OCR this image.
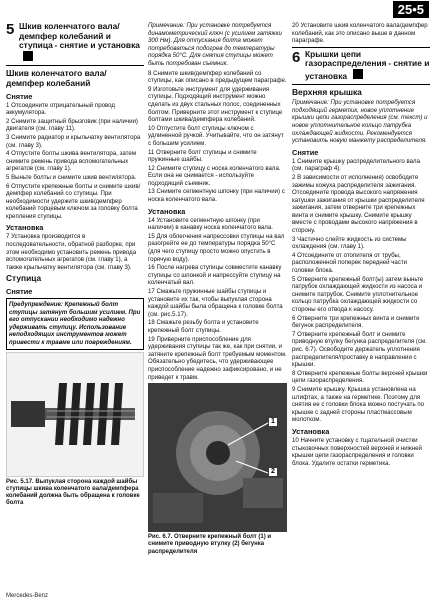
25•5
5 Шкив коленчатого вала/ демпфер колебаний и ступица - снятие и установка
Шкив коленчатого вала/ демпфер колебаний
Снятие

1 Отсоедините отрицательный провод аккумулятора.

2 Снимите защитный брызговик (при наличии) двигателя (см. главу 11).

3 Снимите радиатор и крыльчатку вентилятора (см. главу 3).

4 Отпустите болты шкива вентилятора, затем снимите ремень привода вспомогательных агрегатов (см. главу 1).

5 Выньте болты и снимите шкив вентилятора.

6 Отпустите крепежные болты и снимите шкив/демпфер колебаний со ступицы. При необходимости удержите шкив/демпфер колебаний торцевым ключом за головку болта крепления ступицы.

Установка

7 Установка производится в последовательности, обратной разборке, при этом необходимо установить ремень привода вспомогательных агрегатов (см. главу 1), а также крыльчатку вентилятора (см. главу 3).

Ступица
Снятие
Предупреждение: Крепежный болт ступицы затянут большим усилием. При его отпускании необходимо надежно удерживать ступицу. Использование неподходящих инструментов может привести к травме или повреждениям.
Рис. 5.17. Выпуклая сторона каждой шайбы ступицы шкива коленчатого вала/демпфера колебаний должна быть обращена к головке болта

Примечание: При установке потребуется динамометрический ключ (с усилием затяжки 300 Нм). Для отпускания болта может потребоваться подогрев до температуры порядка 50°C. Для снятия ступицы может быть потребован съемник.

8 Снимите шкив/демпфер колебаний со ступицы, как описано в предыдущем параграфе.

9 Изготовьте инструмент для удерживания ступицы. Подходящий инструмент можно сделать из двух стальных полос, соединенных болтом. Приверните этот инструмент к ступице болтами шкива/демпфера колебаний.

10 Отпустите болт ступицы ключом с удлиненной ручкой. Учитывайте, что он затянут с большим усилием.

11 Отверните болт ступицы и снимите пружинные шайбы.

12 Снимите ступицу с носка коленчатого вала. Если она не снимается - используйте подходящий съемник.

13 Снимите сегментную шпонку (при наличии) с носка коленчатого вала.

Установка

14 Установите сегментную шпонку (при наличии) в канавку носка коленчатого вала.

15 Для облегчения напрессовки ступицы на вал разогрейте ее до температуры порядка 50°C (для чего ступицу просто можно опустить в горячую воду).

16 После нагрева ступицы совместите канавку ступицы со шпонкой и напрессуйте ступицу на коленчатый вал.

17 Смажьте пружинные шайбы ступицы и установите их так, чтобы выпуклая сторона каждой шайбы была обращена к головке болта (см. рис.5.17).

18 Смажьте резьбу болта и установите крепежный болт ступицы.

19 Приверните приспособление для удерживания ступицы так же, как при снятии, и затяните крепежный болт требуемым моментом. Обязательно убедитесь, что удерживающее приспособление надежно зафиксировано, и не приведет к травм.

1
2
Рис. 6.7. Отверните крепежный болт (1) и снимите приводную втулку (2) бегунка распределителя

20 Установите шкив коленчатого вала/демпфер колебаний, как это описано выше в данном параграфе.

6 Крышки цепи газораспределения - снятие и установка
Верхняя крышка

Примечание: При установке потребуется подходящий герметик, новое уплотнение крышки цепи газораспределения (см. текст) и новое уплотнительное кольцо патрубка охлаждающей жидкости. Рекомендуется установить новую манжету распределителя.

Снятие

1 Снимите крышку распределительного вала (см. параграф 4).

2 В зависимости от исполнения) освободите зажимы кожуха распределителя зажигания. Отсоедините провода высокого напряжения катушки зажигания от крышки распределителя зажигания, затем отверните три крепежных винта и снимите крышку. Снимите крышку вместе с проводами высокого напряжения в сторону.

3 Частично слейте жидкость из системы охлаждения (см. главу 1).

4 Отсоедините от отопителя от трубы, расположенной поперек передней части головки блока.

5 Отверните крепежный болт(ы) затем выньте патрубок охлаждающей жидкости из насоса и снимите патрубок. Снимите уплотнительное кольцо патрубка охлаждающей жидкости со стороны его отвода к насосу.

6 Отверните три крепежных винта и снимите бегунок распределителя.

7 Отверните крепежный болт и снимите приводную втулку бегунка распределителя (см. рис. 6.7). Освободите держатель уплотнения распределителя/проставку в направлении с крышки.

8 Отверните крепежные болты верхней крышки цепи газораспределения.

9 Снимите крышку. Крышка установлена на штифтах, а также на герметике. Поэтому для снятия ее с головки блока можно постучать по крышке с задней стороны пластмассовым молотком.

Установка

10 Начните установку с тщательной очистки стыковочных поверхностей верхней и нижней крышки цепи газораспределения и головки блока. Удалите остатки герметика.

Mercedes-Benz
